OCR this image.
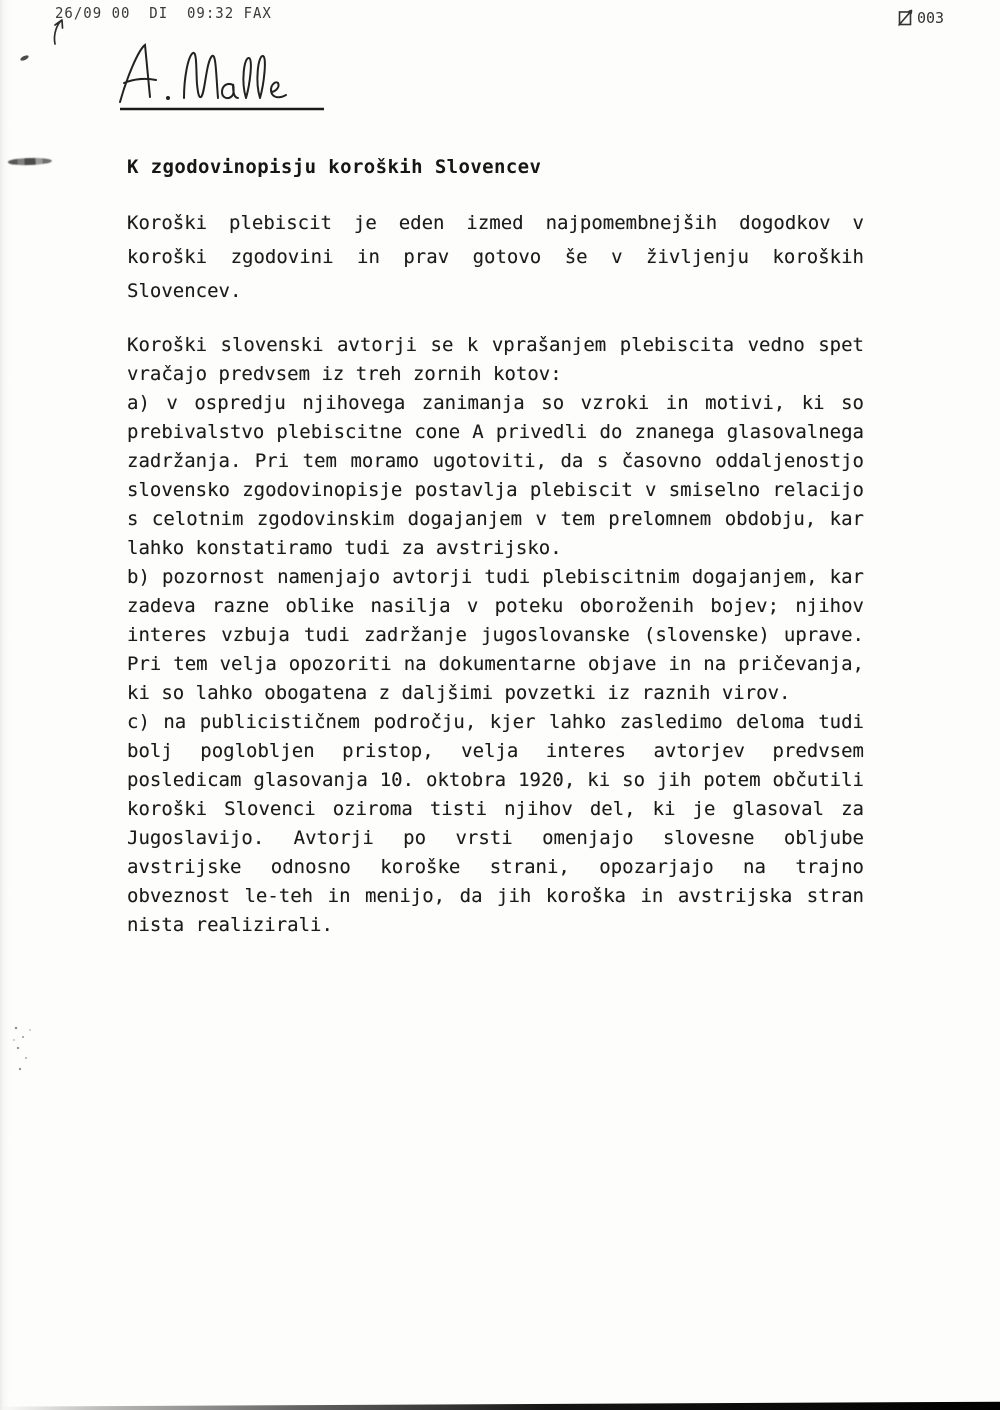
26/09 00  DI  09:32 FAX	003
K zgodovinopisju koroških Slovencev
Koroški plebiscit je eden izmed najpomembnejših dogodkov v
koroški zgodovini in prav gotovo še v življenju koroških
Slovencev.
Koroški slovenski avtorji se k vprašanjem plebiscita vedno spet
vračajo predvsem iz treh zornih kotov:
a) v ospredju njihovega zanimanja so vzroki in motivi, ki so
prebivalstvo plebiscitne cone A privedli do znanega glasovalnega
zadržanja. Pri tem moramo ugotoviti, da s časovno oddaljenostjo
slovensko zgodovinopisje postavlja plebiscit v smiselno relacijo
s celotnim zgodovinskim dogajanjem v tem prelomnem obdobju, kar
lahko konstatiramo tudi za avstrijsko.
b) pozornost namenjajo avtorji tudi plebiscitnim dogajanjem, kar
zadeva razne oblike nasilja v poteku oboroženih bojev; njihov
interes vzbuja tudi zadržanje jugoslovanske (slovenske) uprave.
Pri tem velja opozoriti na dokumentarne objave in na pričevanja,
ki so lahko obogatena z daljšimi povzetki iz raznih virov.
c) na publicističnem področju, kjer lahko zasledimo deloma tudi
bolj poglobljen pristop, velja interes avtorjev predvsem
posledicam glasovanja 10. oktobra 1920, ki so jih potem občutili
koroški Slovenci oziroma tisti njihov del, ki je glasoval za
Jugoslavijo. Avtorji po vrsti omenjajo slovesne obljube
avstrijske odnosno koroške strani, opozarjajo na trajno
obveznost le-teh in menijo, da jih koroška in avstrijska stran
nista realizirali.
